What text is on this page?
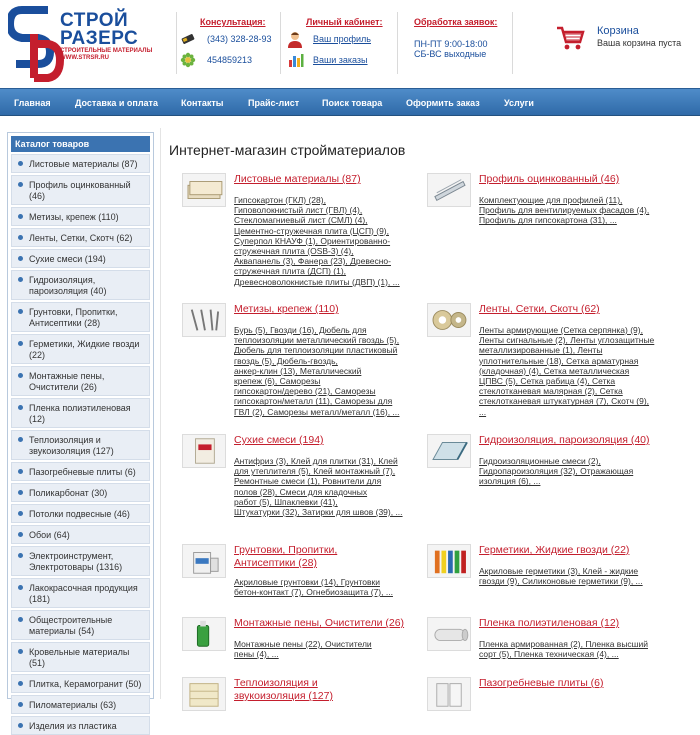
СТРОЙ
РАЗЕРС
СТРОИТЕЛЬНЫЕ МАТЕРИАЛЫ
WWW.STRSR.RU
Консультация:
(343) 328-28-93
454859213
Личный кабинет:
Ваш профиль
Ваши заказы
Обработка заявок:
ПН-ПТ 9:00-18:00
СБ-ВС выходные
Корзина
Ваша корзина пуста
Главная	Доставка и оплата	Контакты	Прайс-лист	Поиск товара	Оформить заказ	Услуги
Каталог товаров
Листовые материалы (87)
Профиль оцинкованный (46)
Метизы, крепеж (110)
Ленты, Сетки, Скотч (62)
Сухие смеси (194)
Гидроизоляция, пароизоляция (40)
Грунтовки, Пропитки, Антисептики (28)
Герметики, Жидкие гвозди (22)
Монтажные пены, Очистители (26)
Пленка полиэтиленовая (12)
Теплоизоляция и звукоизоляция (127)
Пазогребневые плиты (6)
Поликарбонат (30)
Потолки подвесные (46)
Обои (64)
Электроинструмент, Электротовары (1316)
Лакокрасочная продукция (181)
Общестроительные материалы (54)
Кровельные материалы (51)
Плитка, Керамогранит (50)
Пиломатериалы (63)
Изделия из пластика
Интернет-магазин стройматериалов
Листовые материалы (87)
Гипсокартон (ГКЛ) (28),
Гиповолокнистый лист (ГВЛ) (4),
Стекломагниевый лист (СМЛ) (4),
Цементно-стружечная плита (ЦСП) (9),
Суперпол КНАУФ (1), Ориентированно-
стружечная плита (OSB-3) (4),
Аквапанель (3), Фанера (23), Древесно-
стружечная плита (ДСП) (1),
Древесноволокнистые плиты (ДВП) (1), ...
Профиль оцинкованный (46)
Комплектующие для профилей (11),
Профиль для вентилируемых фасадов (4),
Профиль для гипсокартона (31), ...
Метизы, крепеж (110)
Бурь (5), Гвозди (16), Дюбель для
теплоизоляции металлический гвоздь (5),
Дюбель для теплоизоляции пластиковый
гвоздь (5), Дюбель-гвоздь,
анкер-клин (13), Металлический
крепеж (6), Саморезы
гипсокартон/дерево (21), Саморезы
гипсокартон/металл (11), Саморезы для
ГВЛ (2), Саморезы металл/металл (16), ...
Ленты, Сетки, Скотч (62)
Ленты армирующие (Сетка серпянка) (9),
Ленты сигнальные (2), Ленты углозащитные
металлизированные (1), Ленты
уплотнительные (18), Сетка арматурная
(кладочная) (4), Сетка металлическая
ЦПВС (5), Сетка рабица (4), Сетка
стеклотканевая малярная (2), Сетка
стеклотканевая штукатурная (7), Скотч (9),
...
Сухие смеси (194)
Антифриз (3), Клей для плитки (31), Клей
для утеплителя (5), Клей монтажный (7),
Ремонтные смеси (1), Ровнители для
полов (28), Смеси для кладочных
работ (5), Шпаклевки (41),
Штукатурки (32), Затирки для швов (39), ...
Гидроизоляция, пароизоляция (40)
Гидроизоляционные смеси (2),
Гидропароизоляция (32), Отражающая
изоляция (6), ...
Грунтовки, Пропитки, Антисептики (28)
Акриловые грунтовки (14), Грунтовки
бетон-контакт (7), Огнебиозащита (7), ...
Герметики, Жидкие гвозди (22)
Акриловые герметики (3), Клей - жидкие
гвозди (9), Силиконовые герметики (9), ...
Монтажные пены, Очистители (26)
Монтажные пены (22), Очистители
пены (4), ...
Пленка полиэтиленовая (12)
Пленка армированная (2), Пленка высший
сорт (5), Пленка техническая (4), ...
Теплоизоляция и звукоизоляция (127)
Пазогребневые плиты (6)
